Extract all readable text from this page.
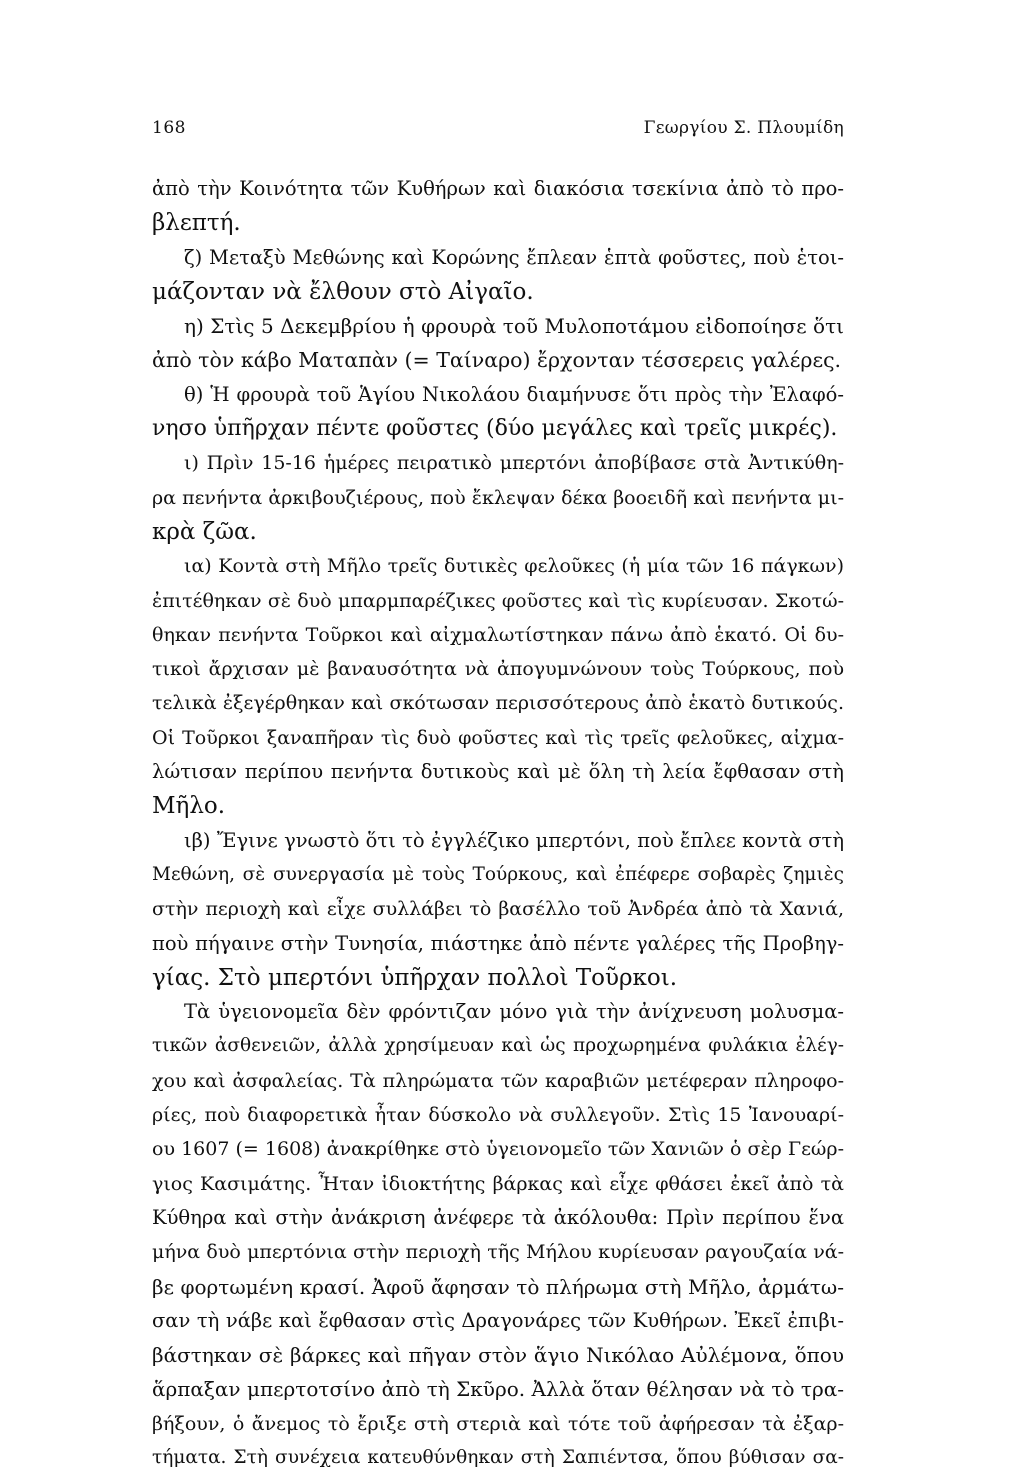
168	Γεωργίου Σ. Πλουμίδη
ἀπὸ τὴν Κοινότητα τῶν Κυθήρων καὶ διακόσια τσεκίνια ἀπὸ τὸ προ-
βλεπτή.
ζ) Μεταξὺ Μεθώνης καὶ Κορώνης ἔπλεαν ἑπτὰ φοῦστες, ποὺ ἑτοι-
μάζονταν νὰ ἔλθουν στὸ Αἰγαῖο.
η) Στὶς 5 Δεκεμβρίου ἡ φρουρὰ τοῦ Μυλοποτάμου εἰδοποίησε ὅτι
ἀπὸ τὸν κάβο Ματαπὰν (= Ταίναρο) ἔρχονταν τέσσερεις γαλέρες.
θ) Ἡ φρουρὰ τοῦ Ἁγίου Νικολάου διαμήνυσε ὅτι πρὸς τὴν Ἐλαφό-
νησο ὑπῆρχαν πέντε φοῦστες (δύο μεγάλες καὶ τρεῖς μικρές).
ι) Πρὶν 15-16 ἡμέρες πειρατικὸ μπερτόνι ἀποβίβασε στὰ Ἀντικύθη-
ρα πενήντα ἀρκιβουζιέρους, ποὺ ἔκλεψαν δέκα βοοειδῆ καὶ πενήντα μι-
κρὰ ζῶα.
ια) Κοντὰ στὴ Μῆλο τρεῖς δυτικὲς φελοῦκες (ἡ μία τῶν 16 πάγκων)
ἐπιτέθηκαν σὲ δυὸ μπαρμπαρέζικες φοῦστες καὶ τὶς κυρίευσαν. Σκοτώ-
θηκαν πενήντα Τοῦρκοι καὶ αἰχμαλωτίστηκαν πάνω ἀπὸ ἑκατό. Οἱ δυ-
τικοὶ ἄρχισαν μὲ βαναυσότητα νὰ ἀπογυμνώνουν τοὺς Τούρκους, ποὺ
τελικὰ ἐξεγέρθηκαν καὶ σκότωσαν περισσότερους ἀπὸ ἑκατὸ δυτικούς.
Οἱ Τοῦρκοι ξαναπῆραν τὶς δυὸ φοῦστες καὶ τὶς τρεῖς φελοῦκες, αἰχμα-
λώτισαν περίπου πενήντα δυτικοὺς καὶ μὲ ὅλη τὴ λεία ἔφθασαν στὴ
Μῆλο.
ιβ) Ἔγινε γνωστὸ ὅτι τὸ ἐγγλέζικο μπερτόνι, ποὺ ἔπλεε κοντὰ στὴ
Μεθώνη, σὲ συνεργασία μὲ τοὺς Τούρκους, καὶ ἐπέφερε σοβαρὲς ζημιὲς
στὴν περιοχὴ καὶ εἶχε συλλάβει τὸ βασέλλο τοῦ Ἀνδρέα ἀπὸ τὰ Χανιά,
ποὺ πήγαινε στὴν Τυνησία, πιάστηκε ἀπὸ πέντε γαλέρες τῆς Προβηγ-
γίας. Στὸ μπερτόνι ὑπῆρχαν πολλοὶ Τοῦρκοι.
Τὰ ὑγειονομεῖα δὲν φρόντιζαν μόνο γιὰ τὴν ἀνίχνευση μολυσμα-
τικῶν ἀσθενειῶν, ἀλλὰ χρησίμευαν καὶ ὡς προχωρημένα φυλάκια ἐλέγ-
χου καὶ ἀσφαλείας. Τὰ πληρώματα τῶν καραβιῶν μετέφεραν πληροφο-
ρίες, ποὺ διαφορετικὰ ἦταν δύσκολο νὰ συλλεγοῦν. Στὶς 15 Ἰανουαρί-
ου 1607 (= 1608) ἀνακρίθηκε στὸ ὑγειονομεῖο τῶν Χανιῶν ὁ σὲρ Γεώρ-
γιος Κασιμάτης. Ἦταν ἰδιοκτήτης βάρκας καὶ εἶχε φθάσει ἐκεῖ ἀπὸ τὰ
Κύθηρα καὶ στὴν ἀνάκριση ἀνέφερε τὰ ἀκόλουθα: Πρὶν περίπου ἕνα
μήνα δυὸ μπερτόνια στὴν περιοχὴ τῆς Μήλου κυρίευσαν ραγουζαία νά-
βε φορτωμένη κρασί. Ἀφοῦ ἄφησαν τὸ πλήρωμα στὴ Μῆλο, ἀρμάτω-
σαν τὴ νάβε καὶ ἔφθασαν στὶς Δραγονάρες τῶν Κυθήρων. Ἐκεῖ ἐπιβι-
βάστηκαν σὲ βάρκες καὶ πῆγαν στὸν ἅγιο Νικόλαο Αὐλέμονα, ὅπου
ἅρπαξαν μπερτοτσίνο ἀπὸ τὴ Σκῦρο. Ἀλλὰ ὅταν θέλησαν νὰ τὸ τρα-
βήξουν, ὁ ἄνεμος τὸ ἔριξε στὴ στεριὰ καὶ τότε τοῦ ἀφήρεσαν τὰ ἐξαρ-
τήματα. Στὴ συνέχεια κατευθύνθηκαν στὴ Σαπιέντσα, ὅπου βύθισαν σα-
